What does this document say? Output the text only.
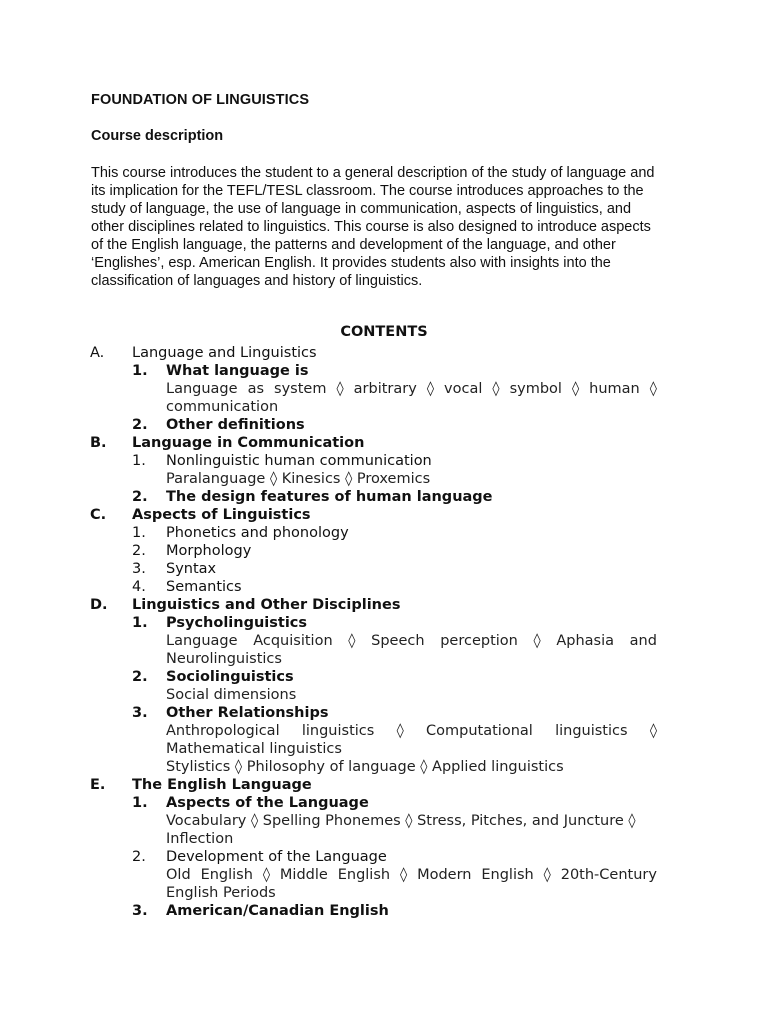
FOUNDATION OF LINGUISTICS
Course description
This course introduces the student to a general description of the study of language and
its implication for the TEFL/TESL classroom. The course introduces approaches to the
study of language, the use of language in communication, aspects of linguistics, and
other disciplines related to linguistics. This course is also designed to introduce aspects
of the English language, the patterns and development of the language, and other
‘Englishes’, esp. American English. It provides students also with insights into the
classification of languages and history of linguistics.
CONTENTS
A. Language and Linguistics
1. What language is
Language as system ◊ arbitrary ◊ vocal ◊ symbol ◊ human ◊
communication
2. Other definitions
B. Language in Communication
1. Nonlinguistic human communication
Paralanguage ◊ Kinesics ◊ Proxemics
2. The design features of human language
C. Aspects of Linguistics
1. Phonetics and phonology
2. Morphology
3. Syntax
4. Semantics
D. Linguistics and Other Disciplines
1. Psycholinguistics
Language Acquisition ◊ Speech perception ◊ Aphasia and
Neurolinguistics
2. Sociolinguistics
Social dimensions
3. Other Relationships
Anthropological linguistics ◊ Computational linguistics ◊
Mathematical linguistics
Stylistics ◊ Philosophy of language ◊ Applied linguistics
E. The English Language
1. Aspects of the Language
Vocabulary ◊ Spelling Phonemes ◊ Stress, Pitches, and Juncture ◊
Inflection
2. Development of the Language
Old English ◊ Middle English ◊ Modern English ◊ 20th-Century
English Periods
3. American/Canadian English
